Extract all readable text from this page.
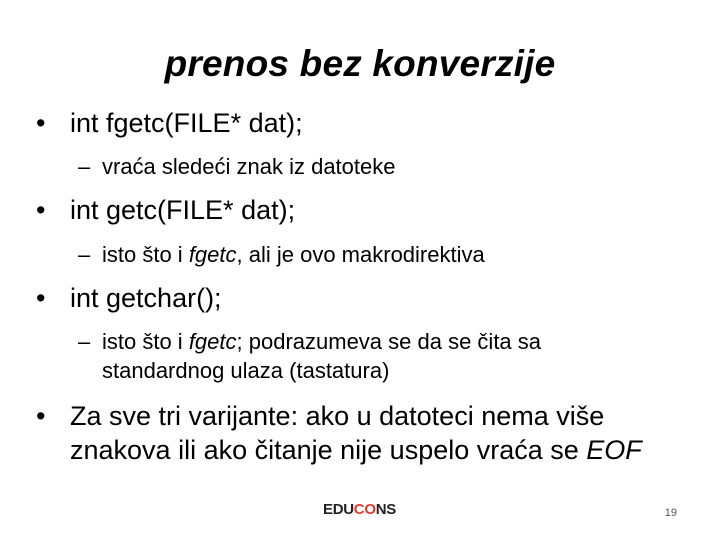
prenos bez konverzije
• int fgetc(FILE* dat);
– vraća sledeći znak iz datoteke
• int getc(FILE* dat);
– isto što i fgetc, ali je ovo makrodirektiva
• int getchar();
– isto što i fgetc; podrazumeva se da se čita sa standardnog ulaza (tastatura)
• Za sve tri varijante: ako u datoteci nema više znakova ili ako čitanje nije uspelo vraća se EOF
EDUCONS	19
